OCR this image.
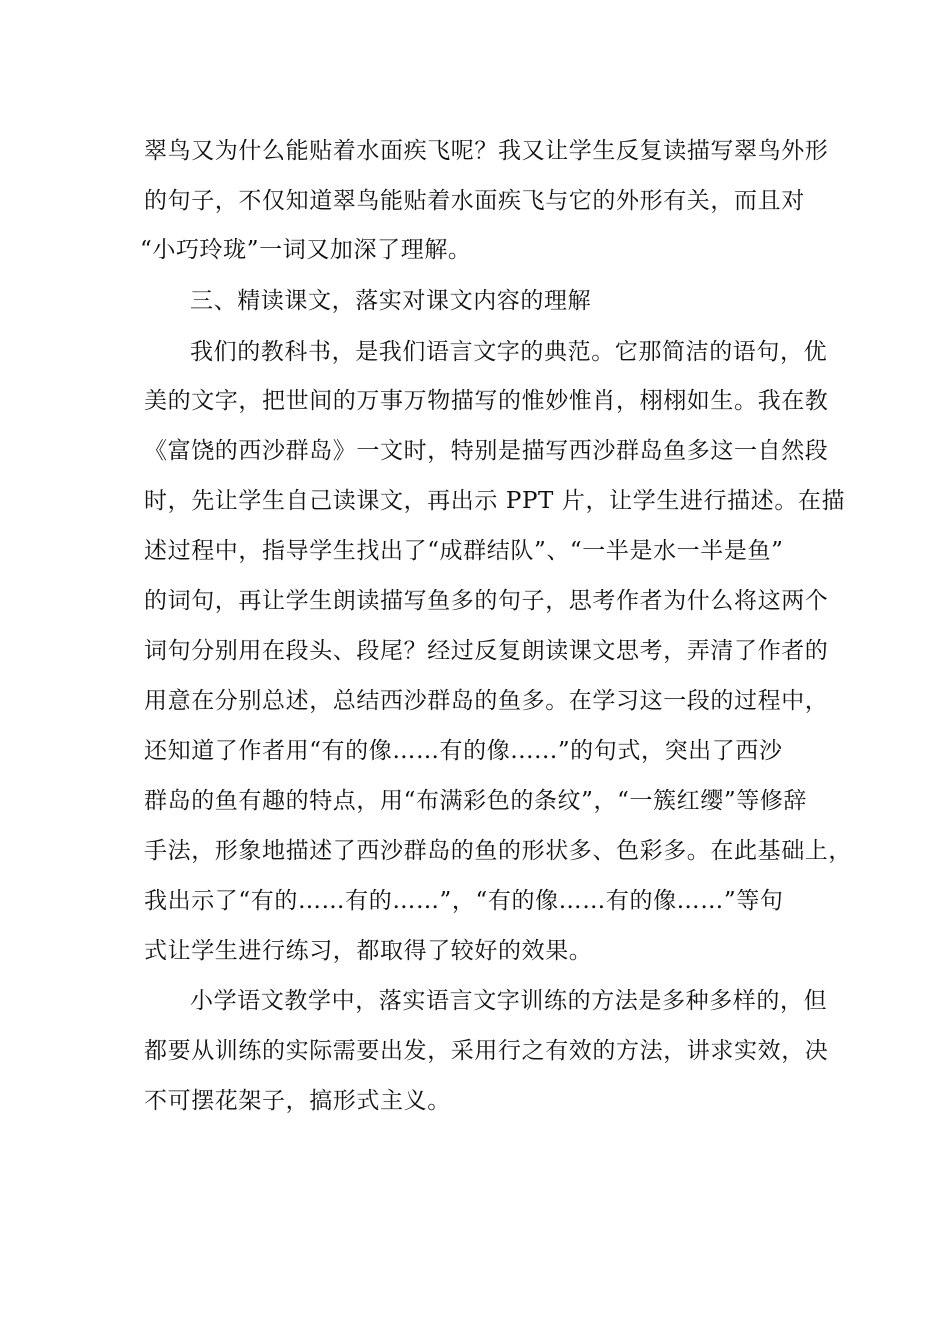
翠鸟又为什么能贴着水面疾飞呢？我又让学生反复读描写翠鸟外形
的句子，不仅知道翠鸟能贴着水面疾飞与它的外形有关，而且对
“小巧玲珑”一词又加深了理解。
三、精读课文，落实对课文内容的理解
我们的教科书，是我们语言文字的典范。它那简洁的语句，优
美的文字，把世间的万事万物描写的惟妙惟肖，栩栩如生。我在教
《富饶的西沙群岛》一文时，特别是描写西沙群岛鱼多这一自然段
时，先让学生自己读课文，再出示 PPT 片，让学生进行描述。在描
述过程中，指导学生找出了“成群结队”、“一半是水一半是鱼”
的词句，再让学生朗读描写鱼多的句子，思考作者为什么将这两个
词句分别用在段头、段尾？经过反复朗读课文思考，弄清了作者的
用意在分别总述，总结西沙群岛的鱼多。在学习这一段的过程中，
还知道了作者用“有的像……有的像......”的句式，突出了西沙
群岛的鱼有趣的特点，用“布满彩色的条纹”，“一簇红缨”等修辞
手法，形象地描述了西沙群岛的鱼的形状多、色彩多。在此基础上，
我出示了“有的……有的……”，“有的像……有的像……”等句
式让学生进行练习，都取得了较好的效果。
小学语文教学中，落实语言文字训练的方法是多种多样的，但
都要从训练的实际需要出发，采用行之有效的方法，讲求实效，决
不可摆花架子，搞形式主义。
